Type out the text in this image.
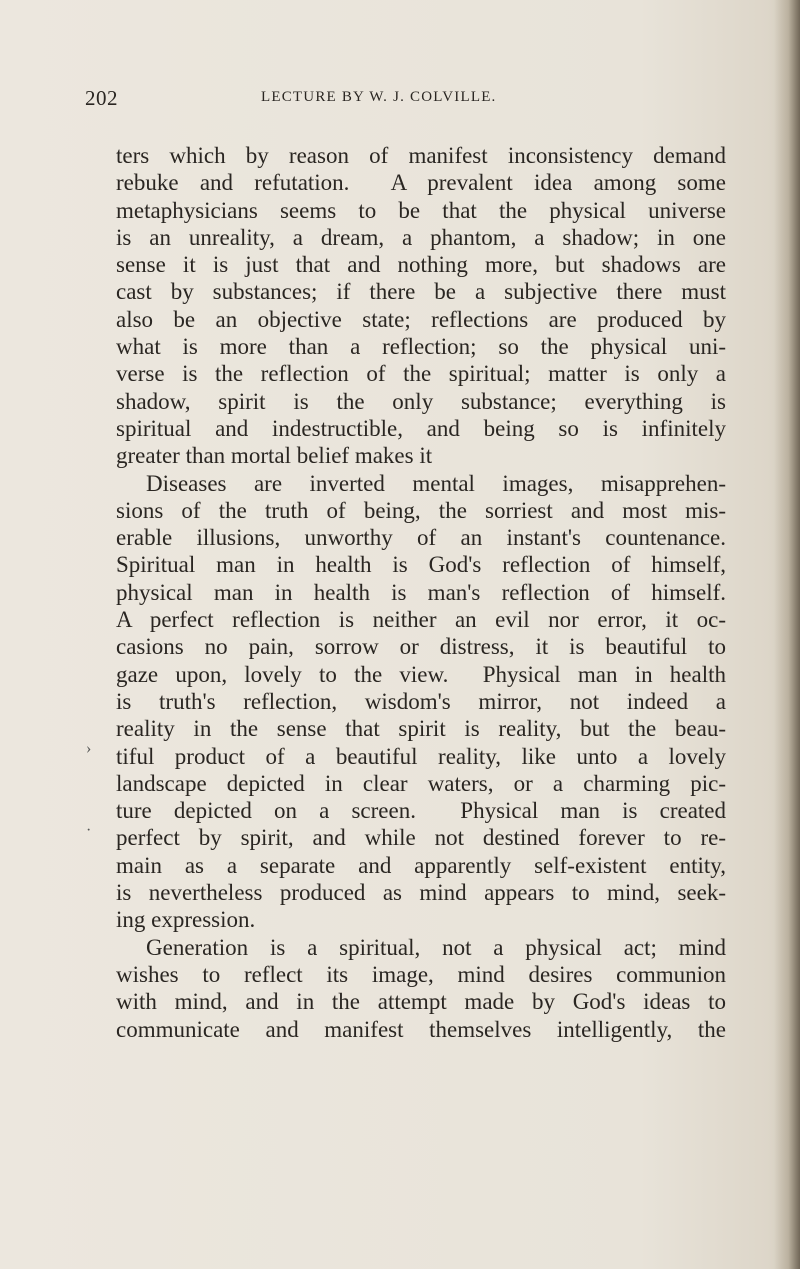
202	LECTURE BY W. J. COLVILLE.
›
·
ters which by reason of manifest inconsistency demand
rebuke and refutation.  A prevalent idea among some
metaphysicians seems to be that the physical universe
is an unreality, a dream, a phantom, a shadow; in one
sense it is just that and nothing more, but shadows are
cast by substances; if there be a subjective there must
also be an objective state; reflections are produced by
what is more than a reflection; so the physical uni-
verse is the reflection of the spiritual; matter is only a
shadow, spirit is the only substance; everything is
spiritual and indestructible, and being so is infinitely
greater than mortal belief makes it
Diseases are inverted mental images, misapprehen-
sions of the truth of being, the sorriest and most mis-
erable illusions, unworthy of an instant's countenance.
Spiritual man in health is God's reflection of himself,
physical man in health is man's reflection of himself.
A perfect reflection is neither an evil nor error, it oc-
casions no pain, sorrow or distress, it is beautiful to
gaze upon, lovely to the view.  Physical man in health
is truth's reflection, wisdom's mirror, not indeed a
reality in the sense that spirit is reality, but the beau-
tiful product of a beautiful reality, like unto a lovely
landscape depicted in clear waters, or a charming pic-
ture depicted on a screen.  Physical man is created
perfect by spirit, and while not destined forever to re-
main as a separate and apparently self-existent entity,
is nevertheless produced as mind appears to mind, seek-
ing expression.
Generation is a spiritual, not a physical act; mind
wishes to reflect its image, mind desires communion
with mind, and in the attempt made by God's ideas to
communicate and manifest themselves intelligently, the
